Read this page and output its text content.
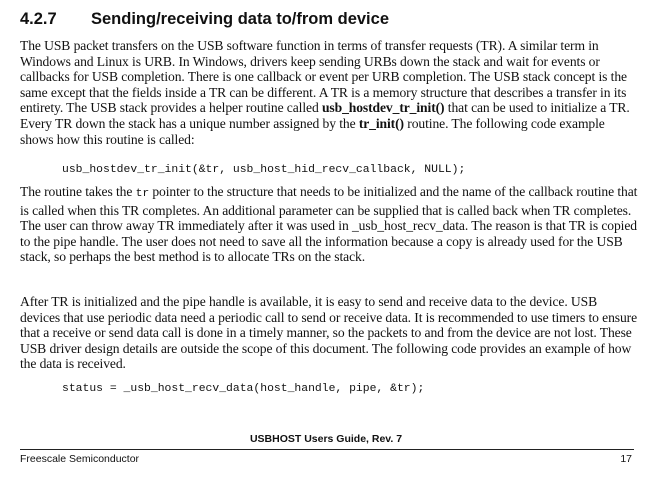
4.2.7 Sending/receiving data to/from device

The USB packet transfers on the USB software function in terms of transfer requests (TR). A similar term in Windows and Linux is URB. In Windows, drivers keep sending URBs down the stack and wait for events or callbacks for USB completion. There is one callback or event per URB completion. The USB stack concept is the same except that the fields inside a TR can be different. A TR is a memory structure that describes a transfer in its entirety. The USB stack provides a helper routine called usb_hostdev_tr_init() that can be used to initialize a TR. Every TR down the stack has a unique number assigned by the tr_init() routine. The following code example shows how this routine is called:

usb_hostdev_tr_init(&tr, usb_host_hid_recv_callback, NULL);

The routine takes the tr pointer to the structure that needs to be initialized and the name of the callback routine that is called when this TR completes. An additional parameter can be supplied that is called back when TR completes. The user can throw away TR immediately after it was used in _usb_host_recv_data. The reason is that TR is copied to the pipe handle. The user does not need to save all the information because a copy is already used for the USB stack, so perhaps the best method is to allocate TRs on the stack.

After TR is initialized and the pipe handle is available, it is easy to send and receive data to the device. USB devices that use periodic data need a periodic call to send or receive data. It is recommended to use timers to ensure that a receive or send data call is done in a timely manner, so the packets to and from the device are not lost. These USB driver design details are outside the scope of this document. The following code provides an example of how the data is received.

status = _usb_host_recv_data(host_handle, pipe, &tr);
USBHOST Users Guide, Rev. 7
Freescale Semiconductor	17
